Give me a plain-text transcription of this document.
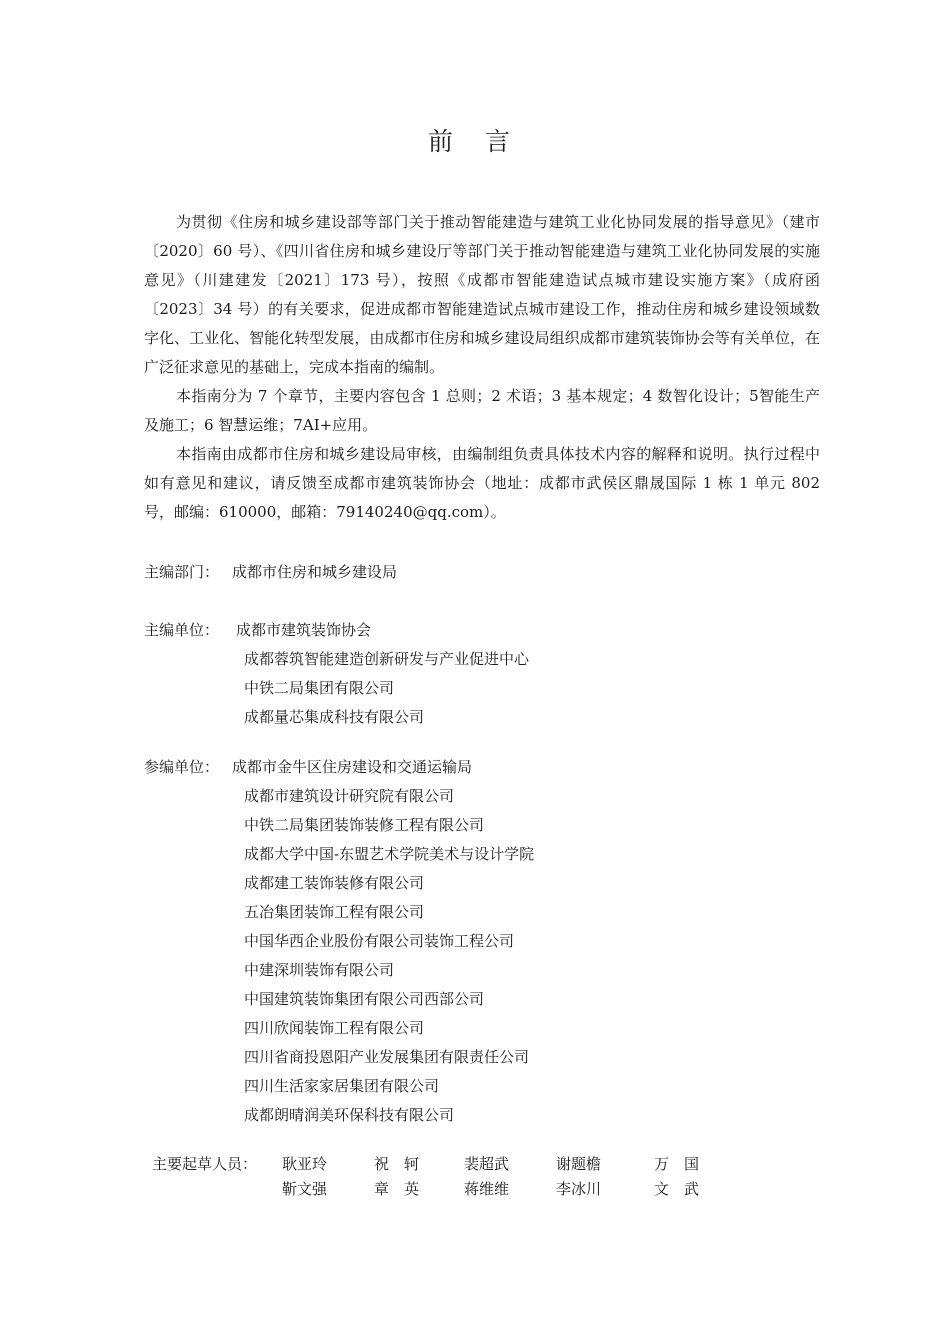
前 言

为贯彻《住房和城乡建设部等部门关于推动智能建造与建筑工业化协同发展的指导意见》（建市〔2020〕60 号）、《四川省住房和城乡建设厅等部门关于推动智能建造与建筑工业化协同发展的实施意见》（川建建发〔2021〕173 号），按照《成都市智能建造试点城市建设实施方案》（成府函〔2023〕34 号）的有关要求，促进成都市智能建造试点城市建设工作，推动住房和城乡建设领域数字化、工业化、智能化转型发展，由成都市住房和城乡建设局组织成都市建筑装饰协会等有关单位，在广泛征求意见的基础上，完成本指南的编制。

本指南分为 7 个章节，主要内容包含 1 总则；2 术语；3 基本规定；4 数智化设计；5智能生产及施工；6 智慧运维；7AI+应用。

本指南由成都市住房和城乡建设局审核，由编制组负责具体技术内容的解释和说明。执行过程中如有意见和建议，请反馈至成都市建筑装饰协会（地址：成都市武侯区鼎晟国际 1 栋 1 单元 802 号，邮编：610000，邮箱：79140240@qq.com）。

主编部门： 成都市住房和城乡建设局
主编单位： 成都市建筑装饰协会
成都蓉筑智能建造创新研发与产业促进中心
中铁二局集团有限公司
成都量芯集成科技有限公司
参编单位： 成都市金牛区住房建设和交通运输局
成都市建筑设计研究院有限公司
中铁二局集团装饰装修工程有限公司
成都大学中国-东盟艺术学院美术与设计学院
成都建工装饰装修有限公司
五冶集团装饰工程有限公司
中国华西企业股份有限公司装饰工程公司
中建深圳装饰有限公司
中国建筑装饰集团有限公司西部公司
四川欣闻装饰工程有限公司
四川省商投恩阳产业发展集团有限责任公司
四川生活家家居集团有限公司
成都朗晴润美环保科技有限公司
主要起草人员： 耿亚玲	祝　轲	裴超武	谢题檐	万　国
靳文强	章　英	蒋维维	李冰川	文　武
